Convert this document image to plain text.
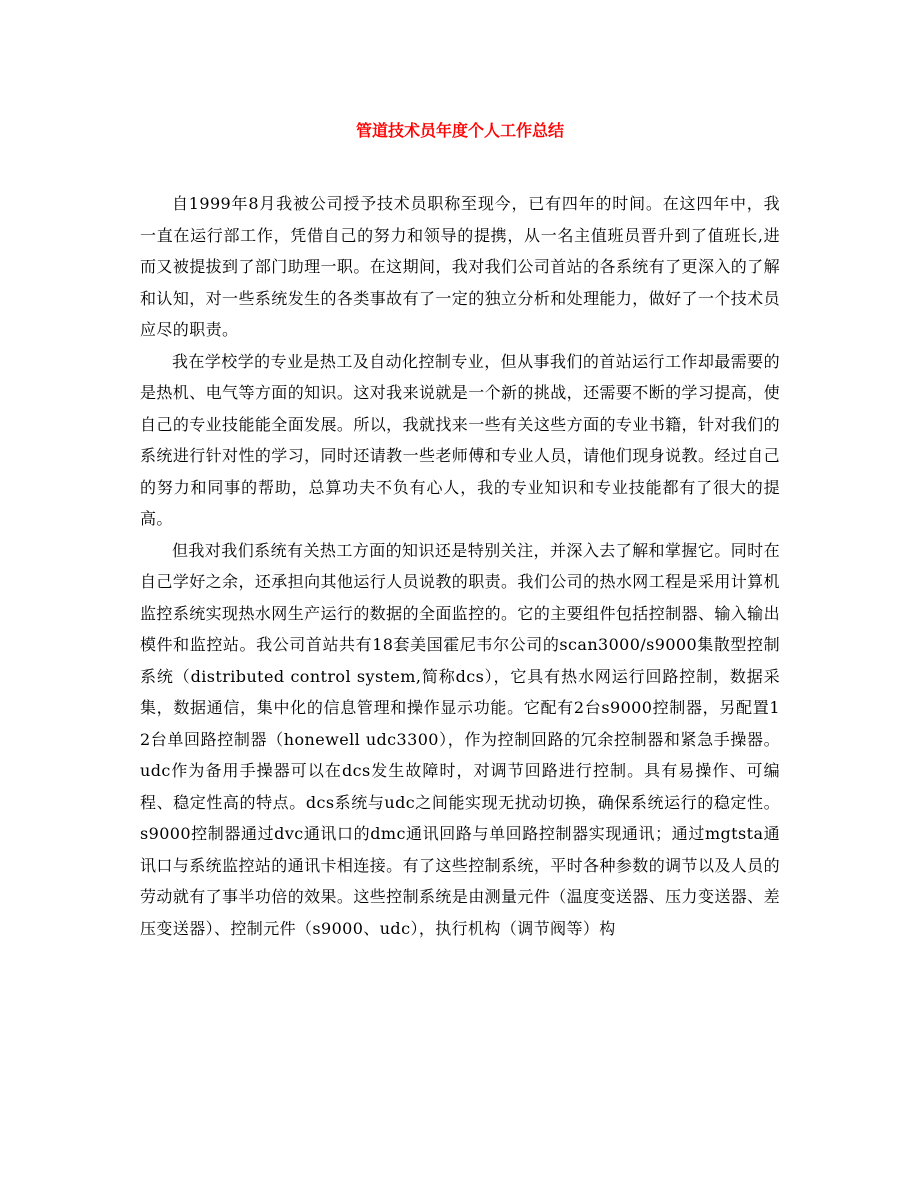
管道技术员年度个人工作总结

自1999年8月我被公司授予技术员职称至现今，已有四年的时间。在这四年中，我一直在运行部工作，凭借自己的努力和领导的提携，从一名主值班员晋升到了值班长,进而又被提拔到了部门助理一职。在这期间，我对我们公司首站的各系统有了更深入的了解和认知，对一些系统发生的各类事故有了一定的独立分析和处理能力，做好了一个技术员应尽的职责。

我在学校学的专业是热工及自动化控制专业，但从事我们的首站运行工作却最需要的是热机、电气等方面的知识。这对我来说就是一个新的挑战，还需要不断的学习提高，使自己的专业技能能全面发展。所以，我就找来一些有关这些方面的专业书籍，针对我们的系统进行针对性的学习，同时还请教一些老师傅和专业人员，请他们现身说教。经过自己的努力和同事的帮助，总算功夫不负有心人，我的专业知识和专业技能都有了很大的提高。

但我对我们系统有关热工方面的知识还是特别关注，并深入去了解和掌握它。同时在自己学好之余，还承担向其他运行人员说教的职责。我们公司的热水网工程是采用计算机监控系统实现热水网生产运行的数据的全面监控的。它的主要组件包括控制器、输入输出模件和监控站。我公司首站共有18套美国霍尼韦尔公司的scan3000/s9000集散型控制系统（distributed control system,简称dcs），它具有热水网运行回路控制，数据采集，数据通信，集中化的信息管理和操作显示功能。它配有2台s9000控制器，另配置12台单回路控制器（honewell udc3300），作为控制回路的冗余控制器和紧急手操器。udc作为备用手操器可以在dcs发生故障时，对调节回路进行控制。具有易操作、可编程、稳定性高的特点。dcs系统与udc之间能实现无扰动切换，确保系统运行的稳定性。s9000控制器通过dvc通讯口的dmc通讯回路与单回路控制器实现通讯；通过mgtsta通讯口与系统监控站的通讯卡相连接。有了这些控制系统，平时各种参数的调节以及人员的劳动就有了事半功倍的效果。这些控制系统是由测量元件（温度变送器、压力变送器、差压变送器）、控制元件（s9000、udc），执行机构（调节阀等）构
